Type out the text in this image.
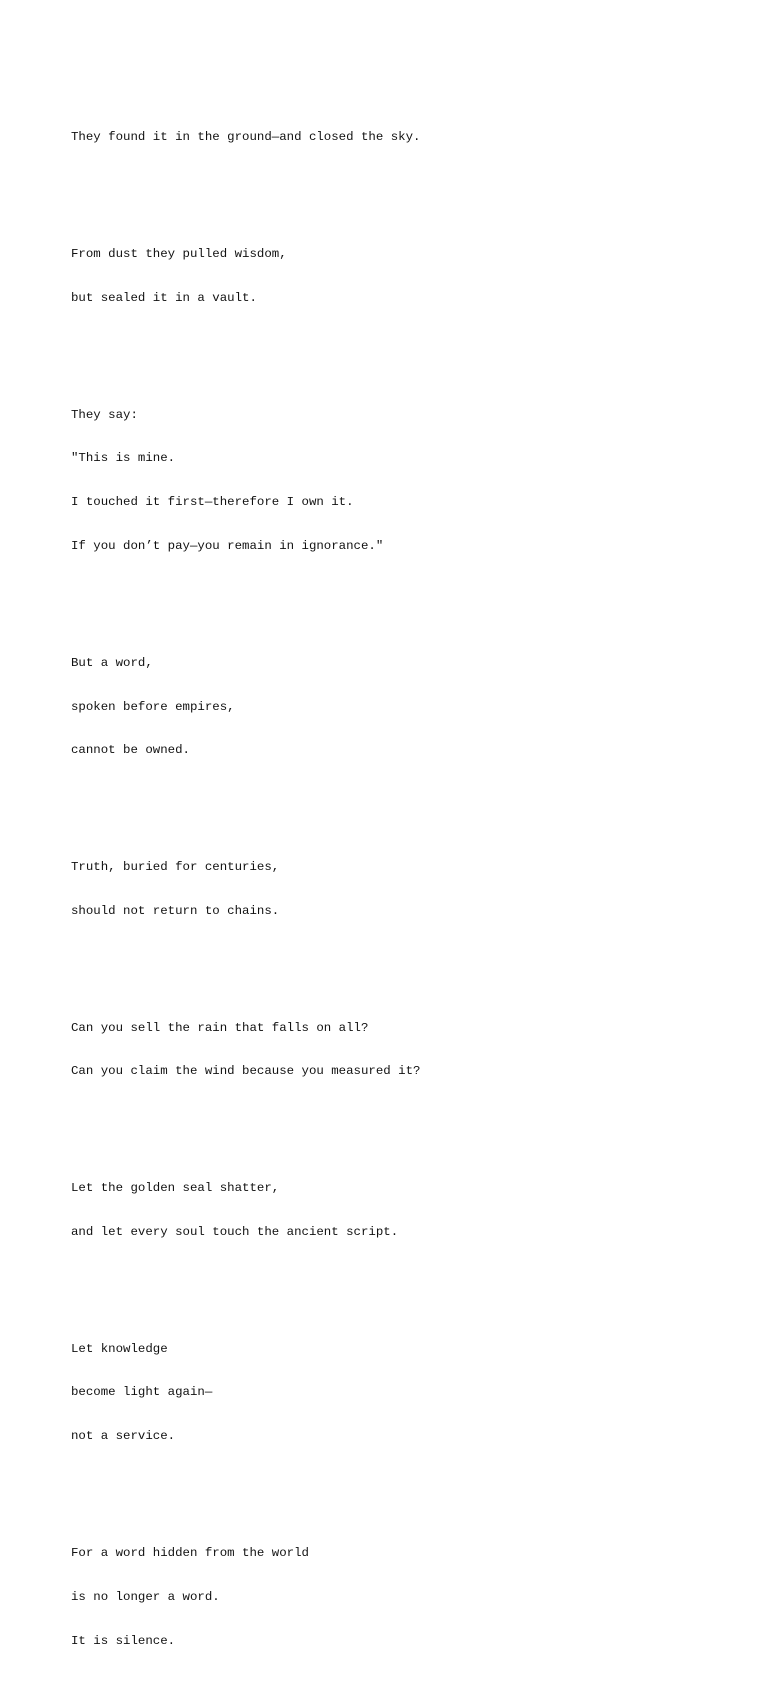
They found it in the ground—and closed the sky.

From dust they pulled wisdom,

but sealed it in a vault.

They say:

"This is mine.

I touched it first—therefore I own it.

If you don’t pay—you remain in ignorance."

But a word,

spoken before empires,

cannot be owned.

Truth, buried for centuries,

should not return to chains.

Can you sell the rain that falls on all?

Can you claim the wind because you measured it?

Let the golden seal shatter,

and let every soul touch the ancient script.

Let knowledge

become light again—

not a service.

For a word hidden from the world

is no longer a word.

It is silence.
